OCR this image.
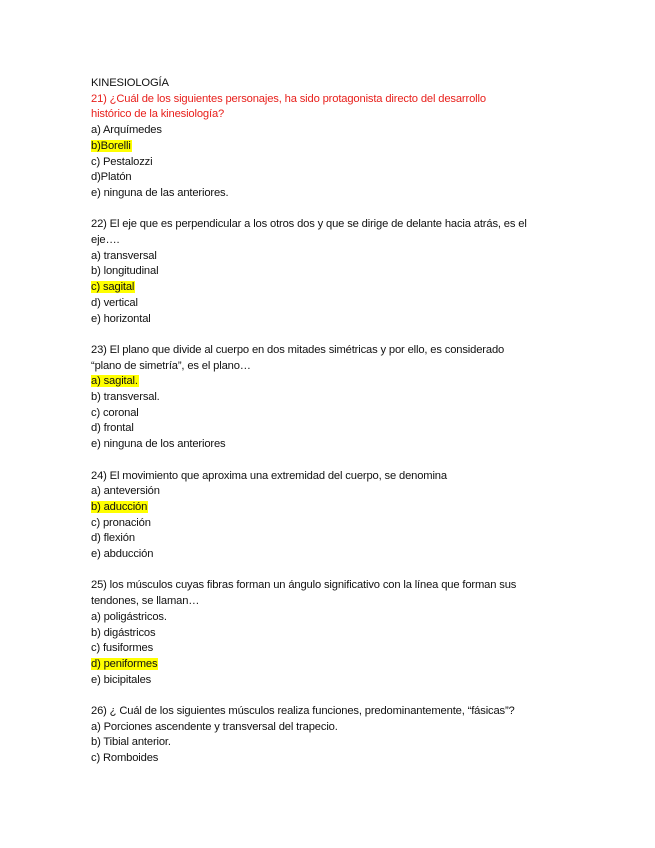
KINESIOLOGÍA
21) ¿Cuál de los siguientes personajes, ha sido protagonista directo del desarrollo
histórico de la kinesiología?
a) Arquímedes
b)Borelli
c) Pestalozzi
d)Platón
e) ninguna de las anteriores.
22) El eje que es perpendicular a los otros dos y que se dirige de delante hacia atrás, es el
eje….
a) transversal
b) longitudinal
c) sagital
d) vertical
e) horizontal
23) El plano que divide al cuerpo en dos mitades simétricas y por ello, es considerado
“plano de simetría”, es el plano…
a) sagital.
b) transversal.
c) coronal
d) frontal
e) ninguna de los anteriores
24) El movimiento que aproxima una extremidad del cuerpo, se denomina
a) anteversión
b) aducción
c) pronación
d) flexión
e) abducción
25) los músculos cuyas fibras forman un ángulo significativo con la línea que forman sus
tendones, se llaman…
a) poligástricos.
b) digástricos
c) fusiformes
d) peniformes
e) bicipitales
26) ¿ Cuál de los siguientes músculos realiza funciones, predominantemente, “fásicas”?
a) Porciones ascendente y transversal del trapecio.
b) Tibial anterior.
c) Romboides
